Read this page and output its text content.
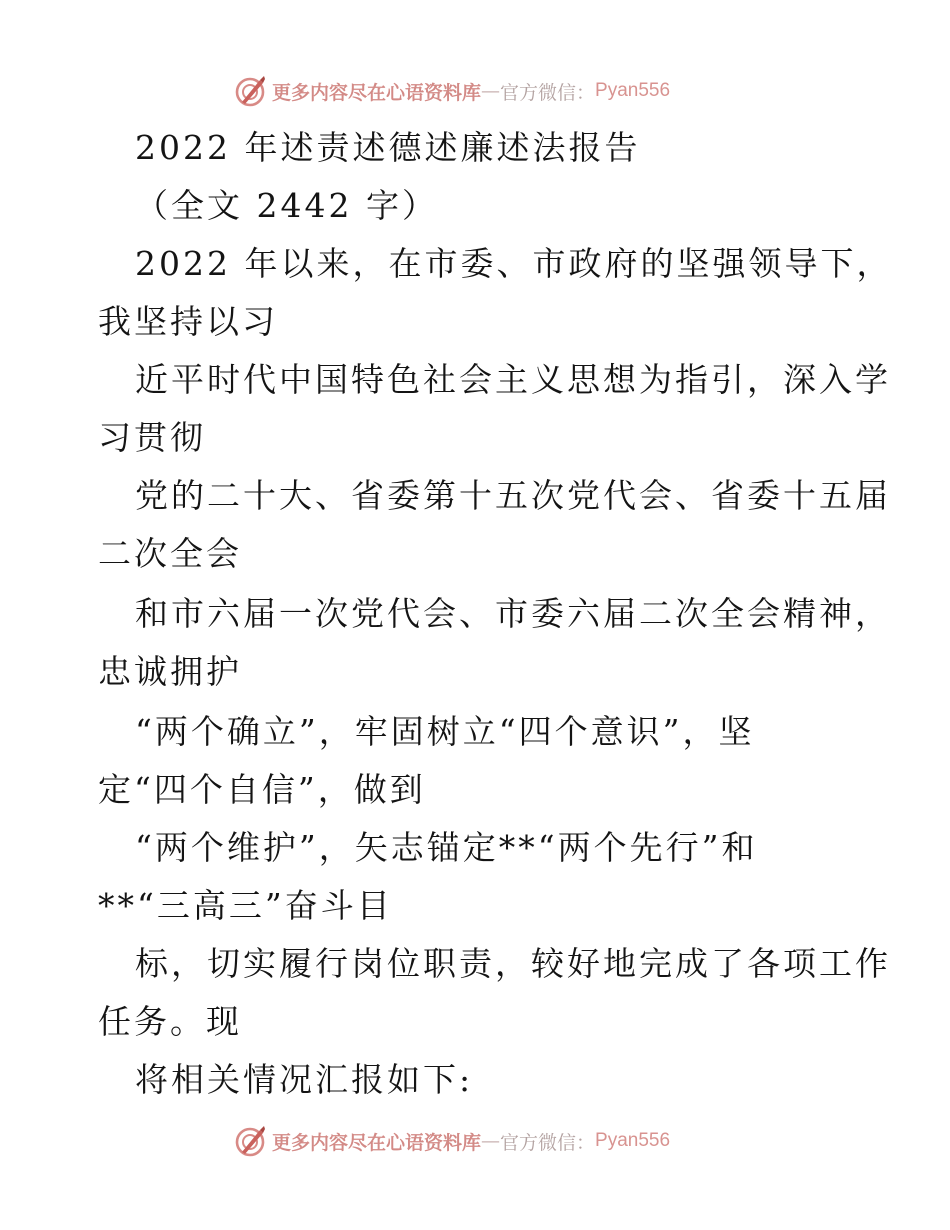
更多内容尽在心语资料库 — 官方微信： Pyan556
2022 年述责述德述廉述法报告
（全文 2442 字）
2022 年以来，在市委、市政府的坚强领导下，
我坚持以习
近平时代中国特色社会主义思想为指引，深入学
习贯彻
党的二十大、省委第十五次党代会、省委十五届
二次全会
和市六届一次党代会、市委六届二次全会精神，
忠诚拥护
“两个确立”，牢固树立“四个意识”，坚
定“四个自信”，做到
“两个维护”，矢志锚定**“两个先行”和
**“三高三”奋斗目
标，切实履行岗位职责，较好地完成了各项工作
任务。现
将相关情况汇报如下:
更多内容尽在心语资料库 — 官方微信： Pyan556
